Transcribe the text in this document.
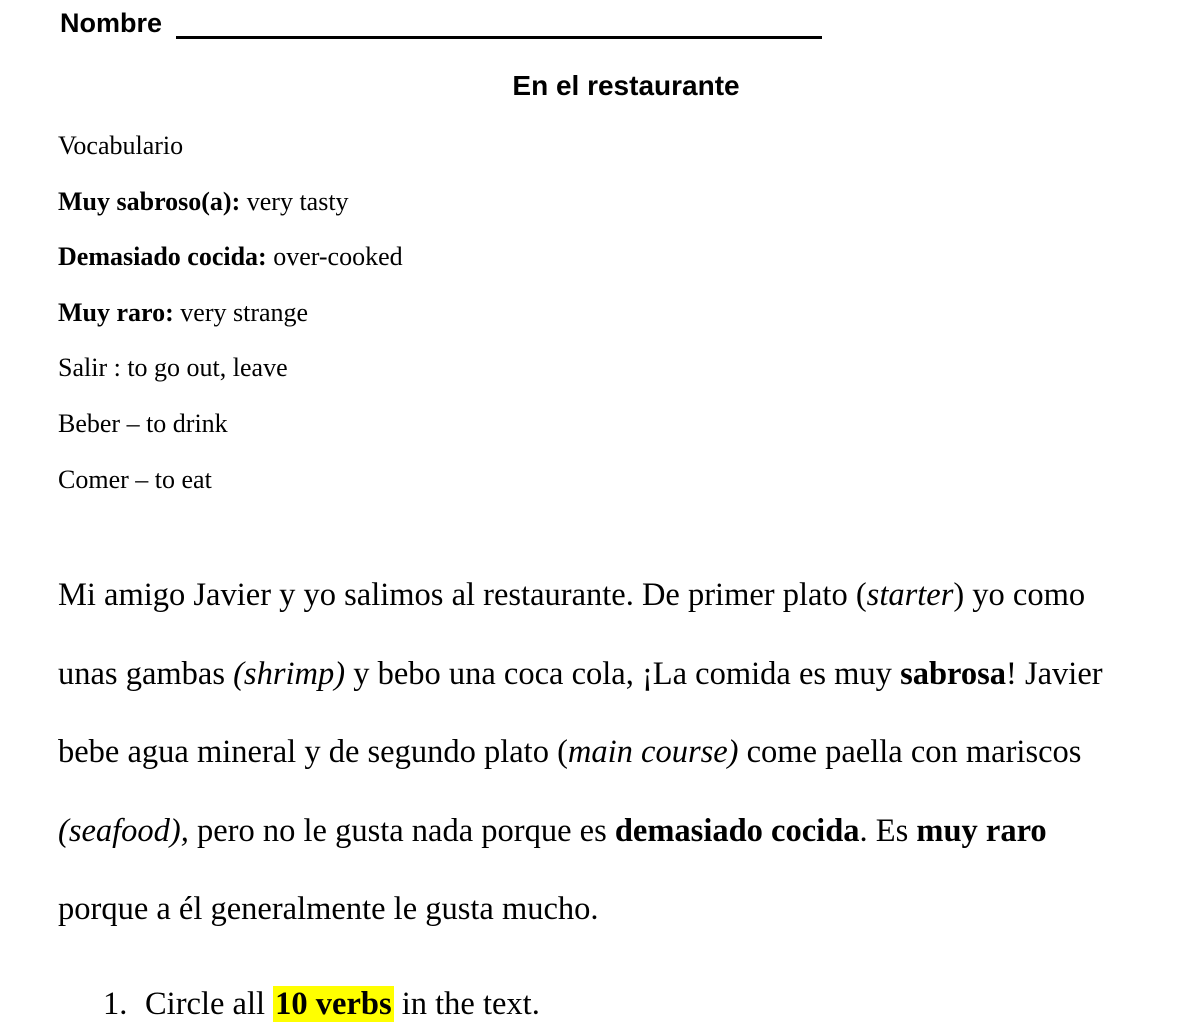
Nombre
En el restaurante
Vocabulario
Muy sabroso(a): very tasty
Demasiado cocida: over-cooked
Muy raro: very strange
Salir : to go out, leave
Beber – to drink
Comer – to eat
Mi amigo Javier y yo salimos al restaurante. De primer plato (starter) yo como
unas gambas (shrimp) y bebo una coca cola, ¡La comida es muy sabrosa! Javier
bebe agua mineral y de segundo plato (main course) come paella con mariscos
(seafood), pero no le gusta nada porque es demasiado cocida. Es muy raro
porque a él generalmente le gusta mucho.
1. Circle all 10 verbs in the text.
